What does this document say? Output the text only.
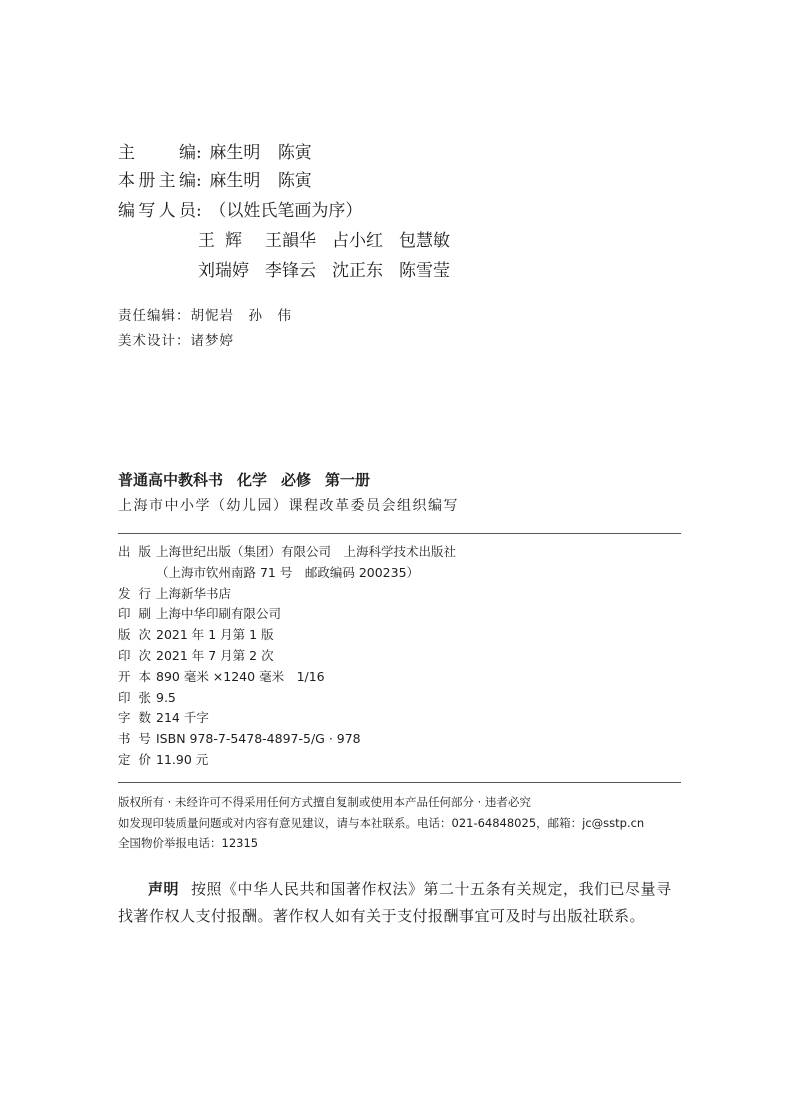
主编: 麻生明 陈寅
本册主编: 麻生明 陈寅
编写人员: （以姓氏笔画为序）
王辉 王韻华 占小红 包慧敏
刘瑞婷 李锋云 沈正东 陈雪莹
责任编辑：胡怩岩　孙　伟
美术设计：诸梦婷
普通高中教科书 化学 必修 第一册
上海市中小学（幼儿园）课程改革委员会组织编写
出版上海世纪出版（集团）有限公司　上海科学技术出版社
（上海市钦州南路 71 号　邮政编码 200235）
发行上海新华书店
印刷上海中华印刷有限公司
版次2021 年 1 月第 1 版
印次2021 年 7 月第 2 次
开本890 毫米 ×1240 毫米　1/16
印张9.5
字数214 千字
书号ISBN 978-7-5478-4897-5/G · 978
定价11.90 元
版权所有 · 未经许可不得采用任何方式擅自复制或使用本产品任何部分 · 违者必究
如发现印装质量问题或对内容有意见建议，请与本社联系。电话：021-64848025，邮箱：jc@sstp.cn
全国物价举报电话：12315
声明 按照《中华人民共和国著作权法》第二十五条有关规定，我们已尽量寻找著作权人支付报酬。著作权人如有关于支付报酬事宜可及时与出版社联系。
